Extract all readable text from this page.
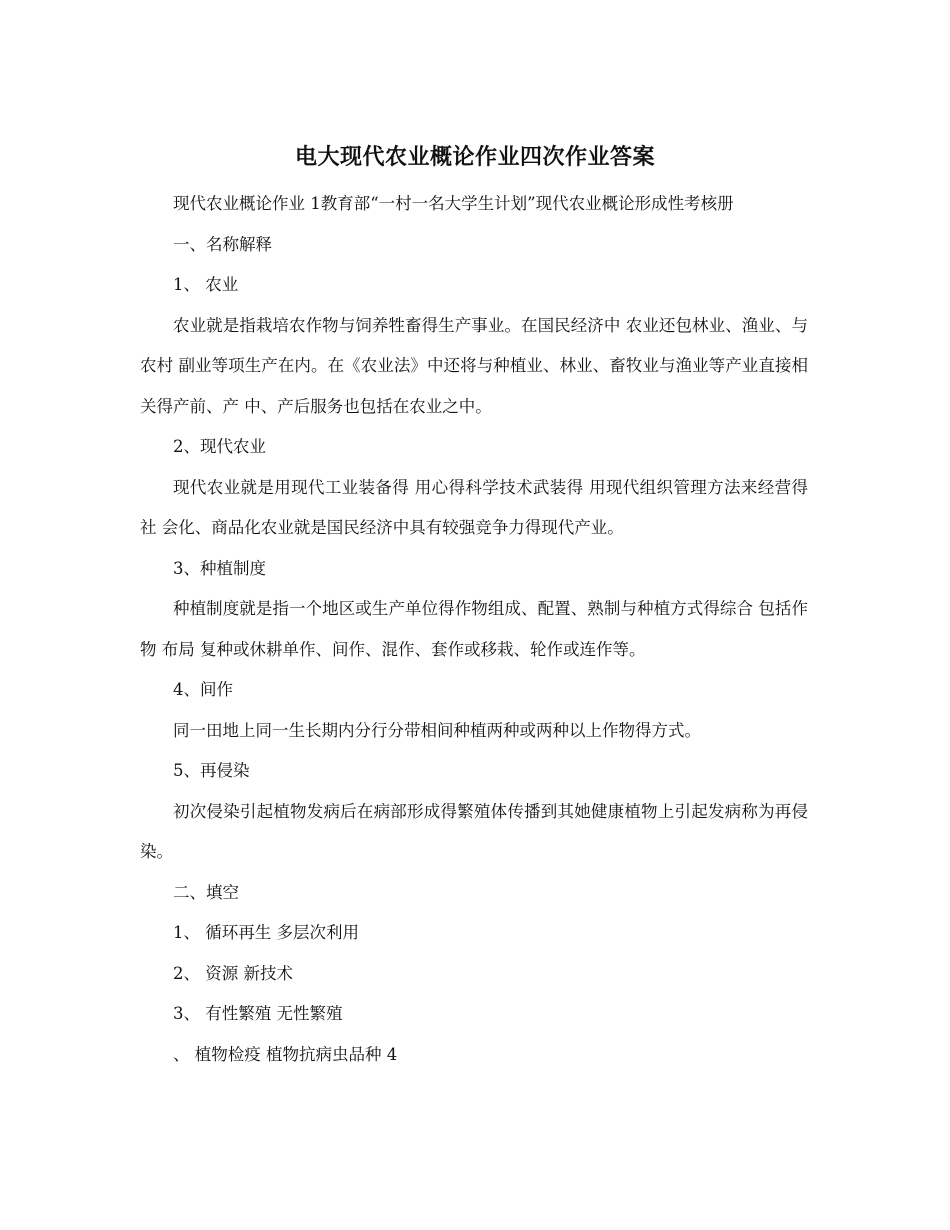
电大现代农业概论作业四次作业答案

现代农业概论作业 1教育部“一村一名大学生计划”现代农业概论形成性考核册

一、名称解释

1、 农业

农业就是指栽培农作物与饲养牲畜得生产事业。在国民经济中 农业还包林业、渔业、与农村 副业等项生产在内。在《农业法》中还将与种植业、林业、畜牧业与渔业等产业直接相关得产前、产 中、产后服务也包括在农业之中。

2、现代农业

现代农业就是用现代工业装备得 用心得科学技术武装得 用现代组织管理方法来经营得社 会化、商品化农业就是国民经济中具有较强竞争力得现代产业。

3、种植制度

种植制度就是指一个地区或生产单位得作物组成、配置、熟制与种植方式得综合 包括作物 布局 复种或休耕单作、间作、混作、套作或移栽、轮作或连作等。

4、间作

同一田地上同一生长期内分行分带相间种植两种或两种以上作物得方式。

5、再侵染

初次侵染引起植物发病后在病部形成得繁殖体传播到其她健康植物上引起发病称为再侵染。

二、填空

1、 循环再生 多层次利用

2、 资源 新技术

3、 有性繁殖 无性繁殖

、 植物检疫 植物抗病虫品种 4
